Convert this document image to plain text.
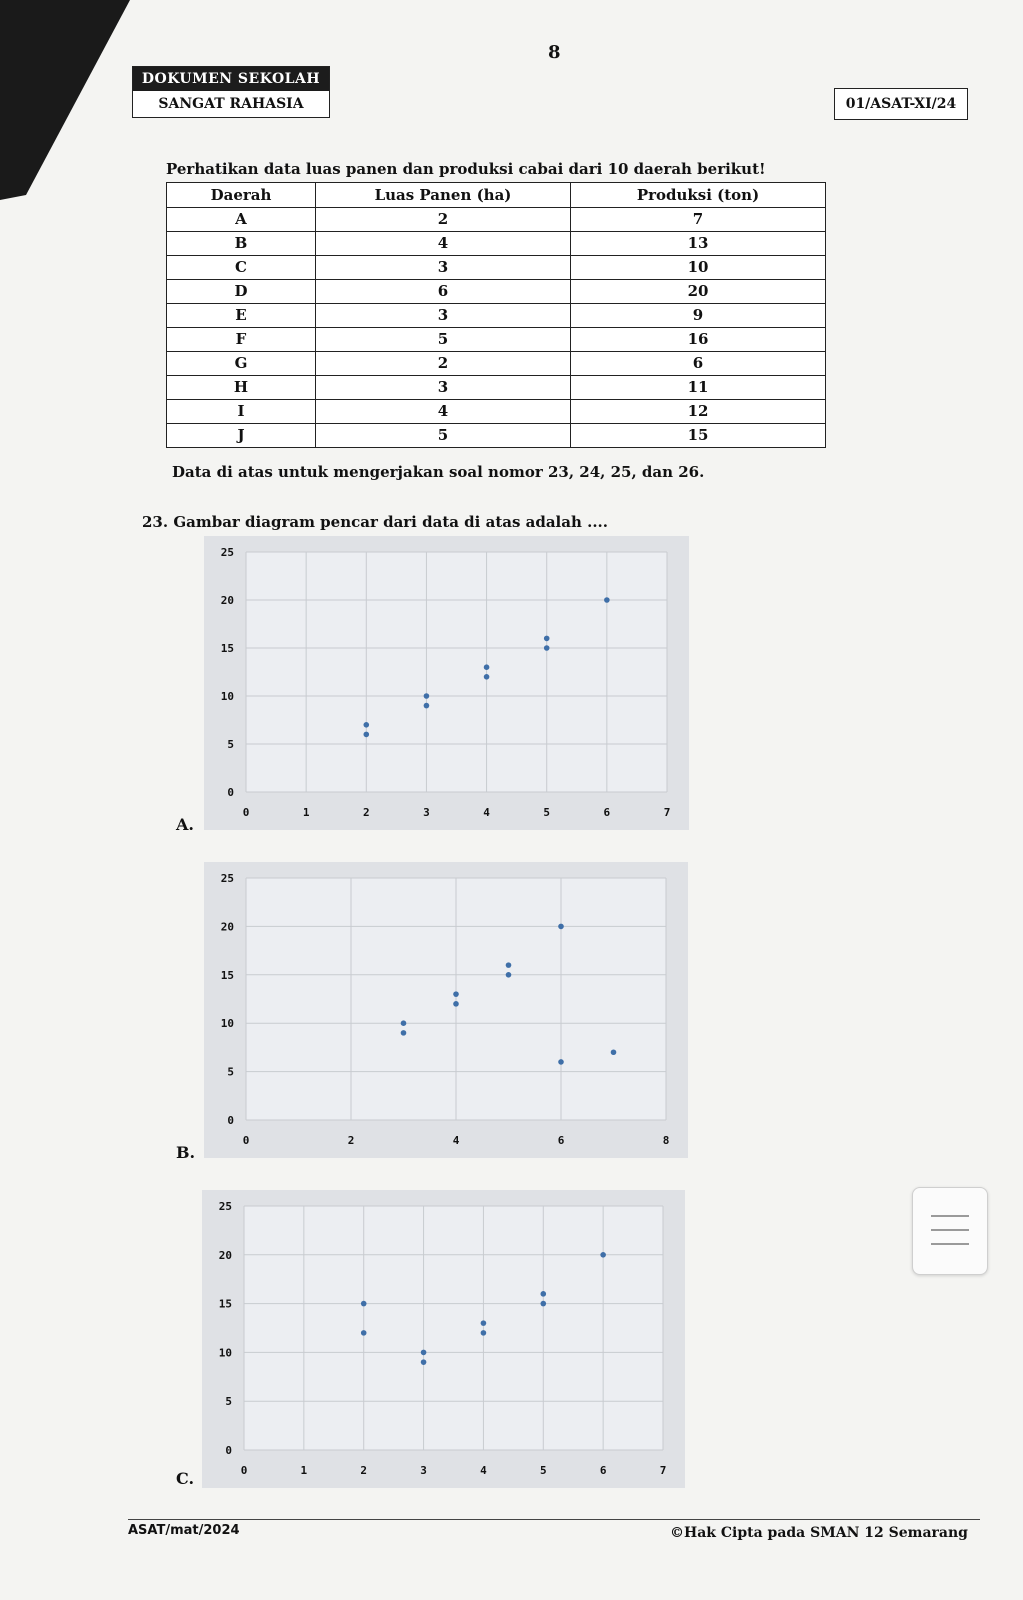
8
DOKUMEN SEKOLAH
SANGAT RAHASIA	01/ASAT-XI/24
Perhatikan data luas panen dan produksi cabai dari 10 daerah berikut!
Daerah	Luas Panen (ha)	Produksi (ton)
A	2	7
B	4	13
C	3	10
D	6	20
E	3	9
F	5	16
G	2	6
H	3	11
I	4	12
J	5	15
Data di atas untuk mengerjakan soal nomor 23, 24, 25, dan 26.
23. Gambar diagram pencar dari data di atas adalah ....
0	1	2	3	4	5	6	7
0
5
10
15
20
25
A.
0	2	4	6	8
0
5
10
15
20
25
B.
0	1	2	3	4	5	6	7
0
5
10
15
20
25
C.
ASAT/mat/2024	©Hak Cipta pada SMAN 12 Semarang
